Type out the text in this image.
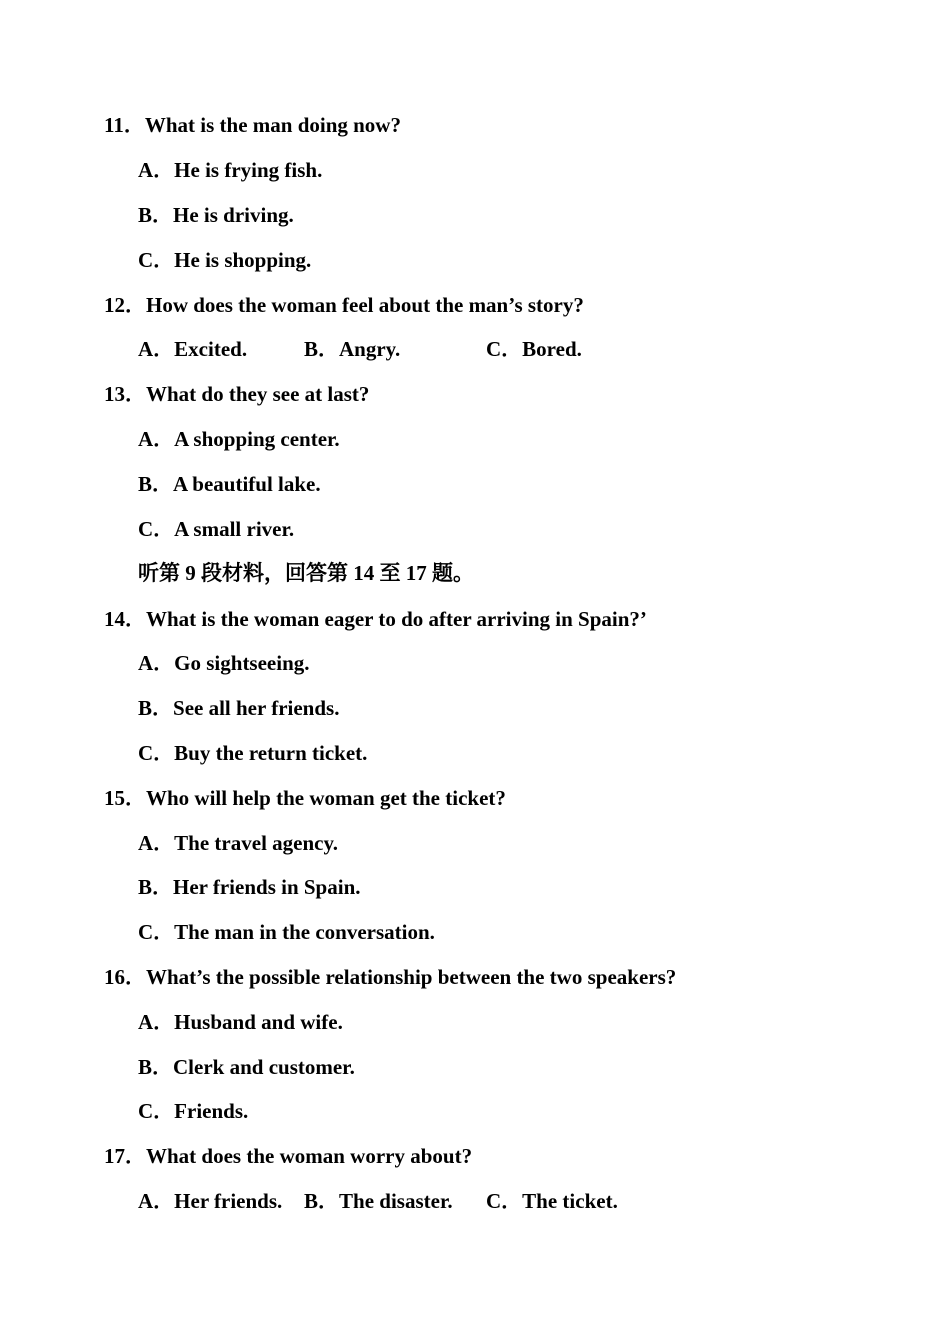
11．What is the man doing now?
A．He is frying fish.
B．He is driving.
C．He is shopping.
12．How does the woman feel about the man’s story?
A．Excited.	B．Angry.	C．Bored.
13．What do they see at last?
A．A shopping center.
B．A beautiful lake.
C．A small river.
听第 9 段材料，回答第 14 至 17 题。
14．What is the woman eager to do after arriving in Spain?’
A．Go sightseeing.
B．See all her friends.
C．Buy the return ticket.
15．Who will help the woman get the ticket?
A．The travel agency.
B．Her friends in Spain.
C．The man in the conversation.
16．What’s the possible relationship between the two speakers?
A．Husband and wife.
B．Clerk and customer.
C．Friends.
17．What does the woman worry about?
A．Her friends. B．The disaster. C．The ticket.
